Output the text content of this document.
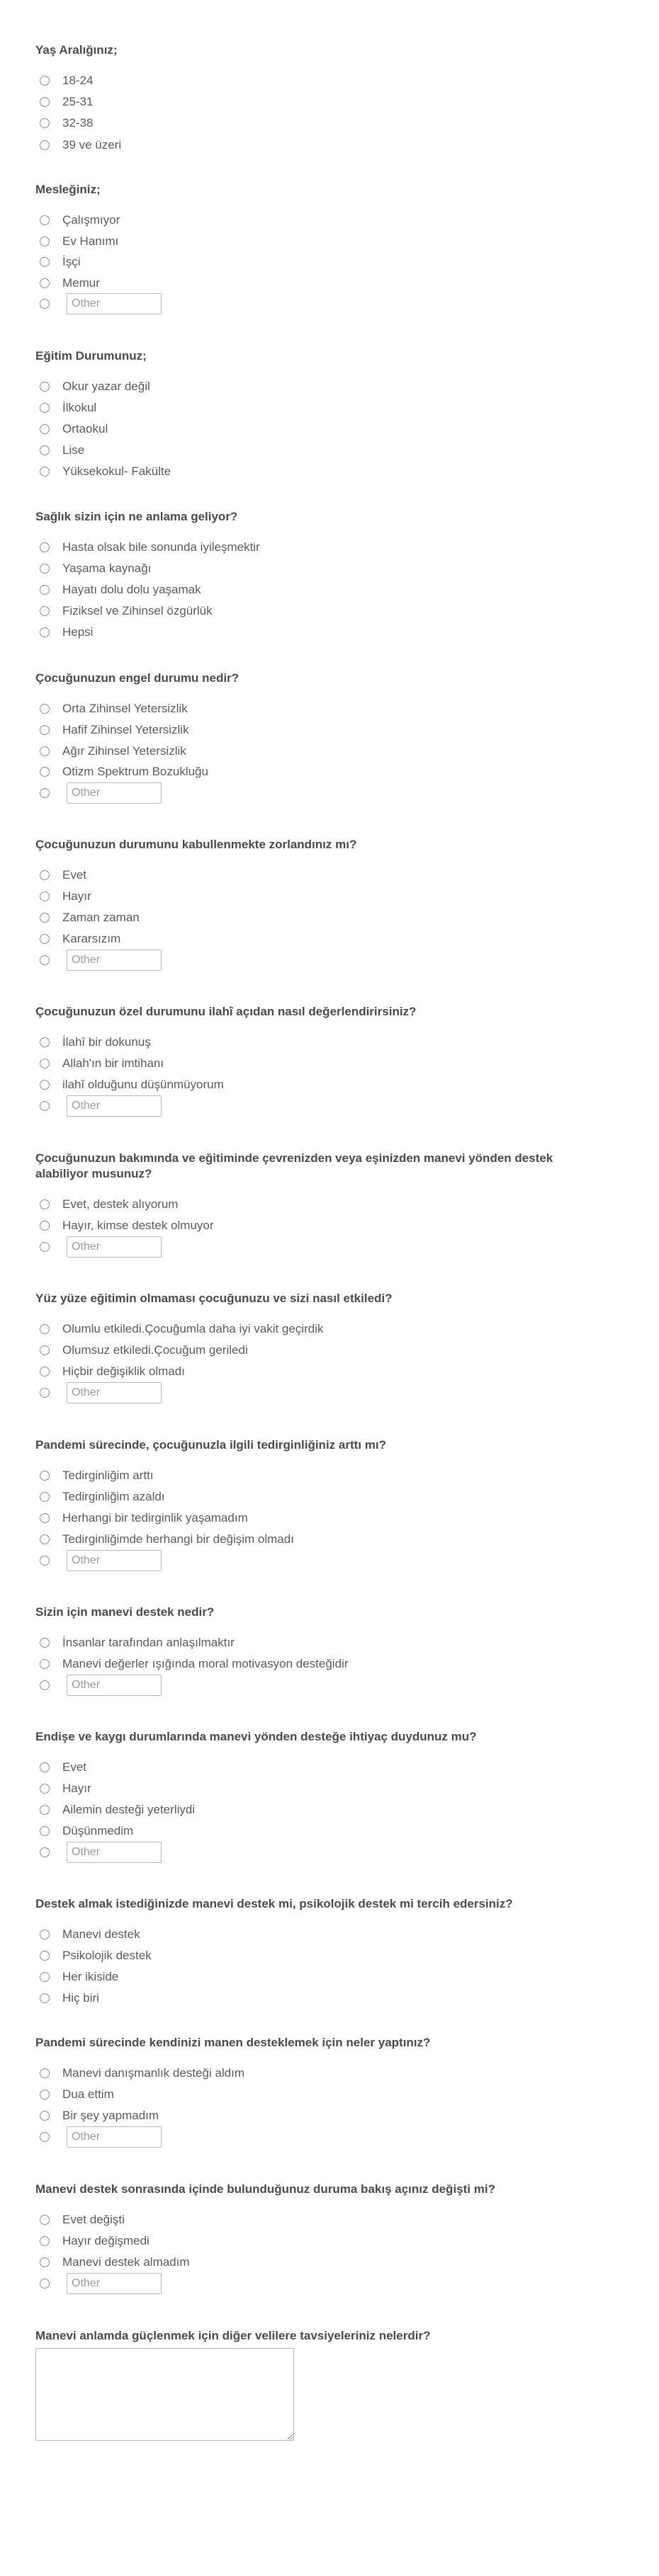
Yaş Aralığınız;
18-24
25-31
32-38
39 ve üzeri
Mesleğiniz;
Çalışmıyor
Ev Hanımı
İşçi
Memur
Other
Eğitim Durumunuz;
Okur yazar değil
İlkokul
Ortaokul
Lise
Yüksekokul- Fakülte
Sağlık sizin için ne anlama geliyor?
Hasta olsak bile sonunda iyileşmektir
Yaşama kaynağı
Hayatı dolu dolu yaşamak
Fiziksel ve Zihinsel özgürlük
Hepsi
Çocuğunuzun engel durumu nedir?
Orta Zihinsel Yetersizlik
Hafif Zihinsel Yetersizlik
Ağır Zihinsel Yetersizlik
Otizm Spektrum Bozukluğu
Other
Çocuğunuzun durumunu kabullenmekte zorlandınız mı?
Evet
Hayır
Zaman zaman
Kararsızım
Other
Çocuğunuzun özel durumunu ilahî açıdan nasıl değerlendirirsiniz?
İlahî bir dokunuş
Allah'ın bir imtihanı
ilahî olduğunu düşünmüyorum
Other
Çocuğunuzun bakımında ve eğitiminde çevrenizden veya eşinizden manevi yönden destek alabiliyor musunuz?
Evet, destek alıyorum
Hayır, kimse destek olmuyor
Other
Yüz yüze eğitimin olmaması çocuğunuzu ve sizi nasıl etkiledi?
Olumlu etkiledi.Çocuğumla daha iyi vakit geçirdik
Olumsuz etkiledi.Çocuğum geriledi
Hiçbir değişiklik olmadı
Other
Pandemi sürecinde, çocuğunuzla ilgili tedirginliğiniz arttı mı?
Tedirginliğim arttı
Tedirginliğim azaldı
Herhangi bir tedirginlik yaşamadım
Tedirginliğimde herhangi bir değişim olmadı
Other
Sizin için manevi destek nedir?
İnsanlar tarafından anlaşılmaktır
Manevi değerler ışığında moral motivasyon desteğidir
Other
Endişe ve kaygı durumlarında manevi yönden desteğe ihtiyaç duydunuz mu?
Evet
Hayır
Ailemin desteği yeterliydi
Düşünmedim
Other
Destek almak istediğinizde manevi destek mi, psikolojik destek mi tercih edersiniz?
Manevi destek
Psikolojik destek
Her ikiside
Hiç biri
Pandemi sürecinde kendinizi manen desteklemek için neler yaptınız?
Manevi danışmanlık desteği aldım
Dua ettim
Bir şey yapmadım
Other
Manevi destek sonrasında içinde bulunduğunuz duruma bakış açınız değişti mi?
Evet değişti
Hayır değişmedi
Manevi destek almadım
Other
Manevi anlamda güçlenmek için diğer velilere tavsiyeleriniz nelerdir?
